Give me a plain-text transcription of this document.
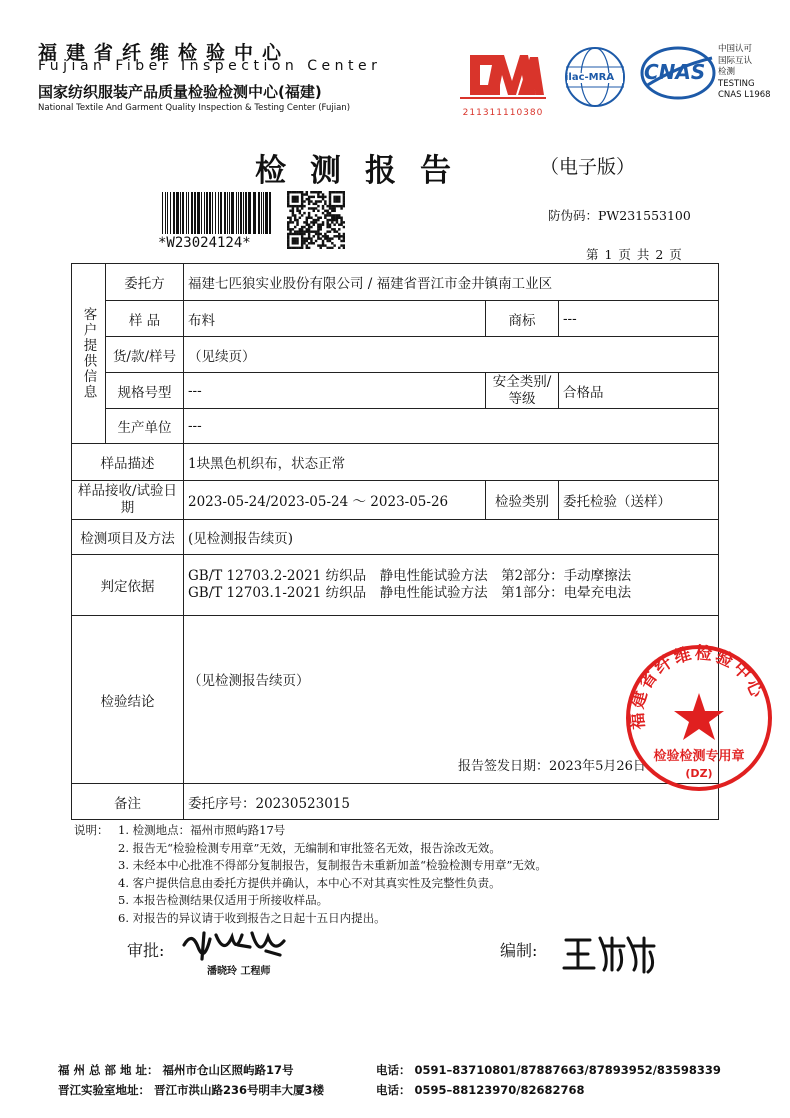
福建省纤维检验中心
Fujian Fiber Inspection Center
国家纺织服装产品质量检验检测中心(福建)
National Textile And Garment Quality Inspection & Testing Center (Fujian)	211311110380
ilac-MRA CNAS
中国认可
国际互认
检测
TESTING
CNAS L1968
检测报告	（电子版）
*W23024124*
防伪码：PW231553100
第 1 页 共 2 页
客户提供信息	委托方	福建七匹狼实业股份有限公司 / 福建省晋江市金井镇南工业区		
	样 品	布料	商标	---
	货/款/样号	（见续页）		
	规格号型	---	安全类别/等级	合格品
	生产单位	---		
样品描述		1块黑色机织布，状态正常		
样品接收/试验日期		2023-05-24/2023-05-24 ～ 2023-05-26	检验类别	委托检验（送样）
检测项目及方法		(见检测报告续页)		
判定依据		GB/T 12703.2-2021 纺织品　静电性能试验方法　第2部分：手动摩擦法
GB/T 12703.1-2021 纺织品　静电性能试验方法　第1部分：电晕充电法		

检验结论		（见检测报告续页）
报告签发日期：2023年5月26日		

备注		委托序号：20230523015		
福建省纤维检验中心
检验检测专用章
(DZ)
说明： 1. 检测地点：福州市照屿路17号
2. 报告无“检验检测专用章”无效，无编制和审批签名无效，报告涂改无效。
3. 未经本中心批准不得部分复制报告，复制报告未重新加盖“检验检测专用章”无效。
4. 客户提供信息由委托方提供并确认，本中心不对其真实性及完整性负责。
5. 本报告检测结果仅适用于所接收样品。
6. 对报告的异议请于收到报告之日起十五日内提出。
审批:
潘晓玲 工程师
编制:
福 州 总 部 地 址： 福州市仓山区照屿路17号	电话： 0591–83710801/87887663/87893952/83598339
晋江实验室地址： 晋江市洪山路236号明丰大厦3楼	电话： 0595–88123970/82682768
